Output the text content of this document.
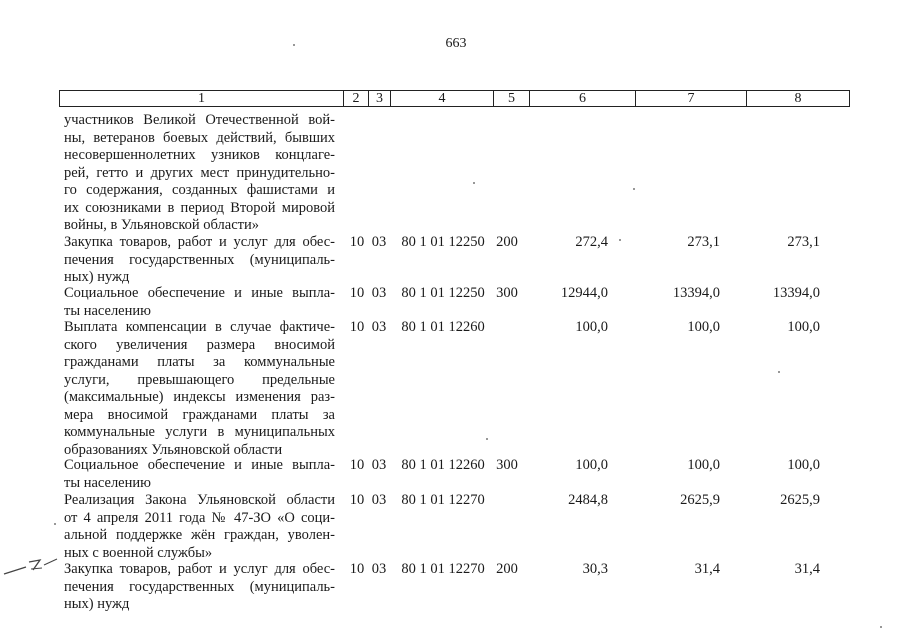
663
1	2	3	4	5	6	7	8
участников Великой Отечественной вой-
ны, ветеранов боевых действий, бывших
несовершеннолетних узников концлаге-
рей, гетто и других мест принудительно-
го содержания, созданных фашистами и
их союзниками в период Второй мировой
войны, в Ульяновской области»
Закупка товаров, работ и услуг для обес-
печения государственных (муниципаль-
ных) нужд
10 03	80 1 01 12250 200	272,4	273,1	273,1
Социальное обеспечение и иные выпла-
ты населению
10 03	80 1 01 12250 300	12944,0	13394,0	13394,0
Выплата компенсации в случае фактиче-
ского увеличения размера вносимой
гражданами платы за коммунальные
услуги, превышающего предельные
(максимальные) индексы изменения раз-
мера вносимой гражданами платы за
коммунальные услуги в муниципальных
образованиях Ульяновской области
10 03	80 1 01 12260	100,0	100,0	100,0
Социальное обеспечение и иные выпла-
ты населению
10 03	80 1 01 12260 300	100,0	100,0	100,0
Реализация Закона Ульяновской области
от 4 апреля 2011 года № 47-ЗО «О соци-
альной поддержке жён граждан, уволен-
ных с военной службы»
10 03	80 1 01 12270	2484,8	2625,9	2625,9
Закупка товаров, работ и услуг для обес-
печения государственных (муниципаль-
ных) нужд
10 03	80 1 01 12270 200	30,3	31,4	31,4
